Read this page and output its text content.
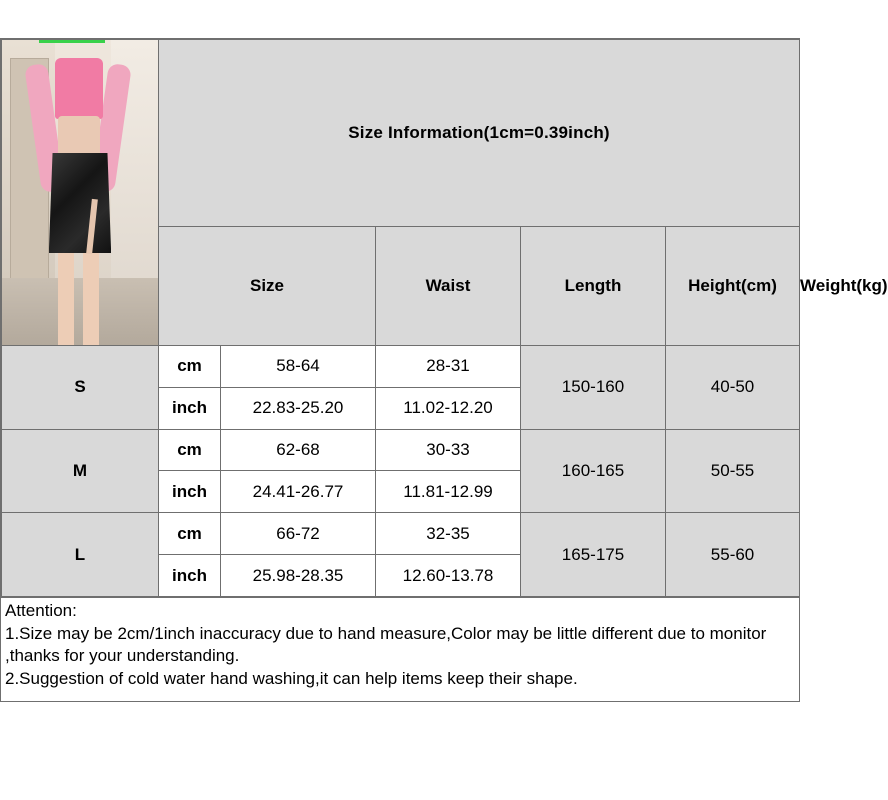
	Size Information(1cm=0.39inch)					
	Size		Waist	Length	Height(cm)	Weight(kg)
S	cm	58-64	28-31	150-160	40-50	
	inch	22.83-25.20	11.02-12.20			
M	cm	62-68	30-33	160-165	50-55	
	inch	24.41-26.77	11.81-12.99			
L	cm	66-72	32-35	165-175	55-60	
	inch	25.98-28.35	12.60-13.78			
Attention:
1.Size may be 2cm/1inch inaccuracy due to hand measure,Color may be little different due to monitor ,thanks for your understanding.
2.Suggestion of cold water hand washing,it can help items keep their shape.
